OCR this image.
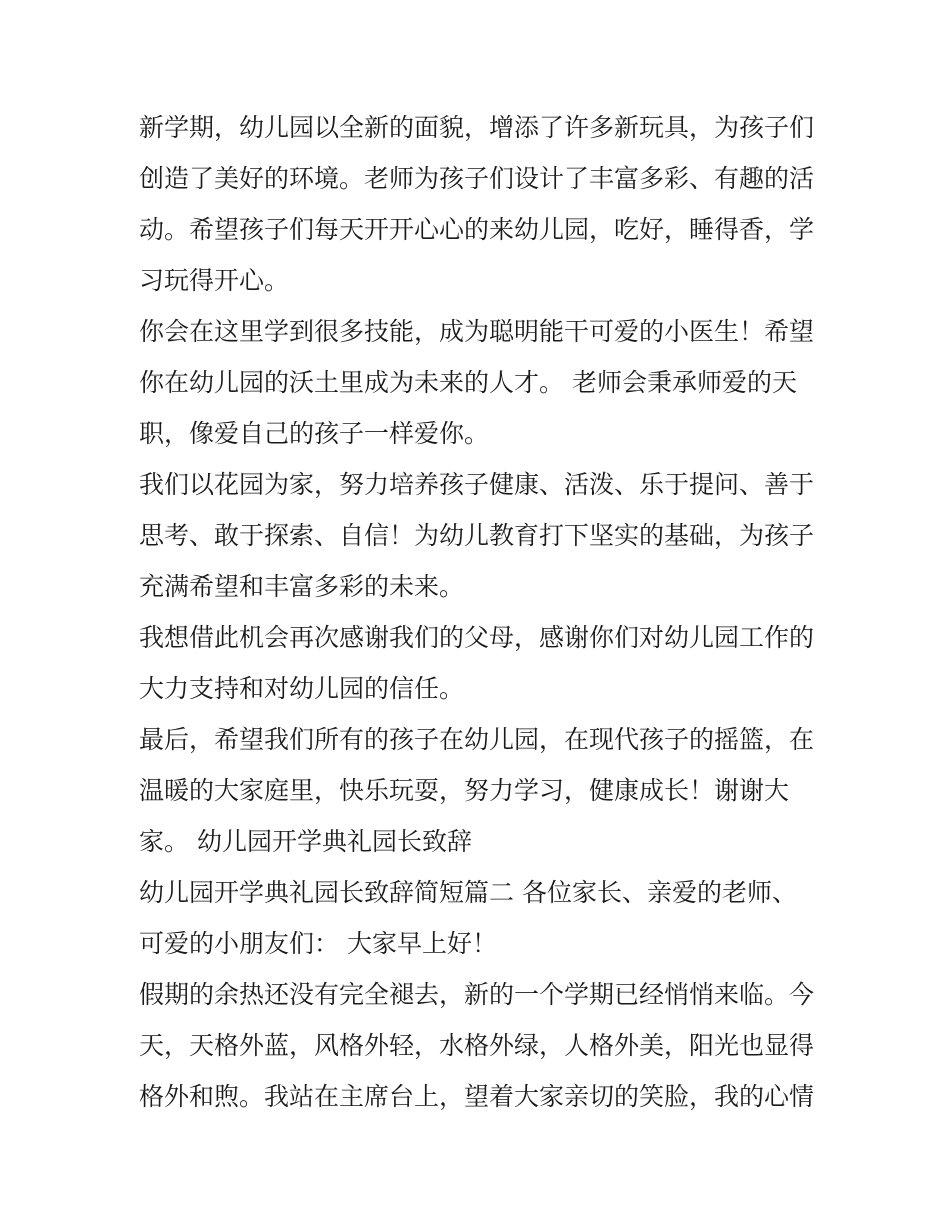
新学期，幼儿园以全新的面貌，增添了许多新玩具，为孩子们
创造了美好的环境。老师为孩子们设计了丰富多彩、有趣的活
动。希望孩子们每天开开心心的来幼儿园，吃好，睡得香，学
习玩得开心。
你会在这里学到很多技能，成为聪明能干可爱的小医生！希望
你在幼儿园的沃土里成为未来的人才。 老师会秉承师爱的天
职，像爱自己的孩子一样爱你。
我们以花园为家，努力培养孩子健康、活泼、乐于提问、善于
思考、敢于探索、自信！为幼儿教育打下坚实的基础，为孩子
充满希望和丰富多彩的未来。
我想借此机会再次感谢我们的父母，感谢你们对幼儿园工作的
大力支持和对幼儿园的信任。
最后，希望我们所有的孩子在幼儿园，在现代孩子的摇篮，在
温暖的大家庭里，快乐玩耍，努力学习，健康成长！谢谢大
家。 幼儿园开学典礼园长致辞
幼儿园开学典礼园长致辞简短篇二 各位家长、亲爱的老师、
可爱的小朋友们： 大家早上好！
假期的余热还没有完全褪去，新的一个学期已经悄悄来临。今
天，天格外蓝，风格外轻，水格外绿，人格外美，阳光也显得
格外和煦。我站在主席台上，望着大家亲切的笑脸，我的心情
